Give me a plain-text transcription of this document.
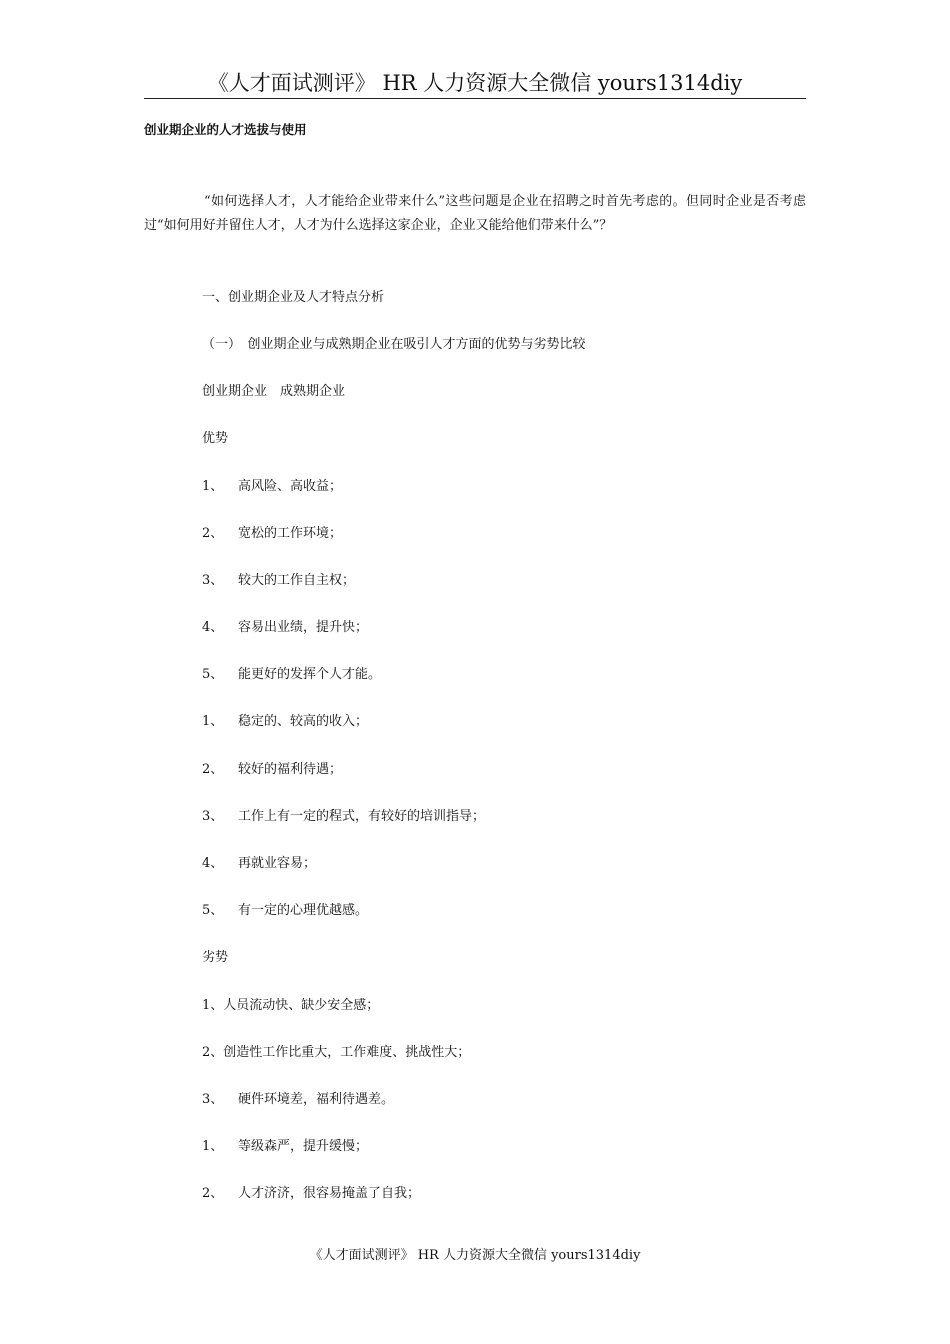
《人才面试测评》 HR 人力资源大全微信 yours1314diy
创业期企业的人才选拔与使用
“如何选择人才，人才能给企业带来什么”这些问题是企业在招聘之时首先考虑的。但同时企业是否考虑过“如何用好并留住人才，人才为什么选择这家企业，企业又能给他们带来什么”？
一、创业期企业及人才特点分析
（一）　创业期企业与成熟期企业在吸引人才方面的优势与劣势比较
创业期企业　成熟期企业
优势
1、 高风险、高收益；
2、 宽松的工作环境；
3、 较大的工作自主权；
4、 容易出业绩，提升快；
5、 能更好的发挥个人才能。
1、 稳定的、较高的收入；
2、 较好的福利待遇；
3、 工作上有一定的程式，有较好的培训指导；
4、 再就业容易；
5、 有一定的心理优越感。
劣势
1、人员流动快、缺少安全感；
2、创造性工作比重大，工作难度、挑战性大；
3、 硬件环境差，福利待遇差。
1、 等级森严，提升缓慢；
2、 人才济济，很容易掩盖了自我；
《人才面试测评》 HR 人力资源大全微信 yours1314diy
